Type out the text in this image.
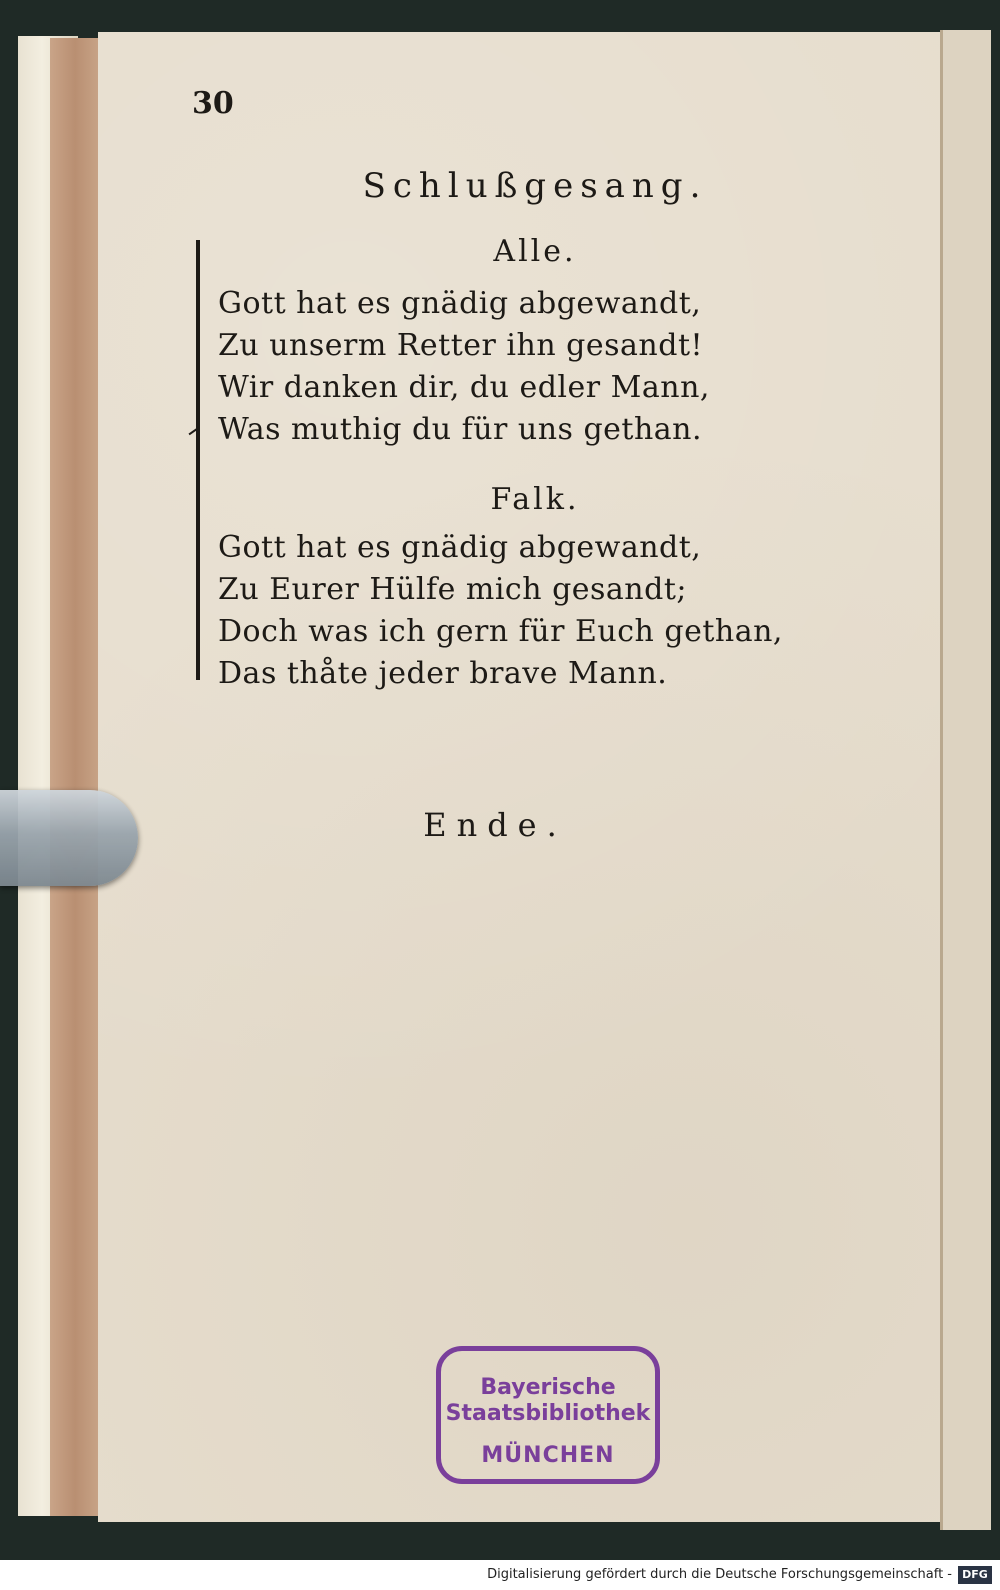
30
Schlußgesang.
Alle.
Gott hat es gnädig abgewandt,
Zu unserm Retter ihn gesandt!
Wir danken dir, du edler Mann,
Was muthig du für uns gethan.
Falk.
Gott hat es gnädig abgewandt,
Zu Eurer Hülfe mich gesandt;
Doch was ich gern für Euch gethan,
Das thåte jeder brave Mann.
Ende.
Bayerische
Staatsbibliothek
MÜNCHEN
Digitalisierung gefördert durch die Deutsche Forschungsgemeinschaft - DFG
